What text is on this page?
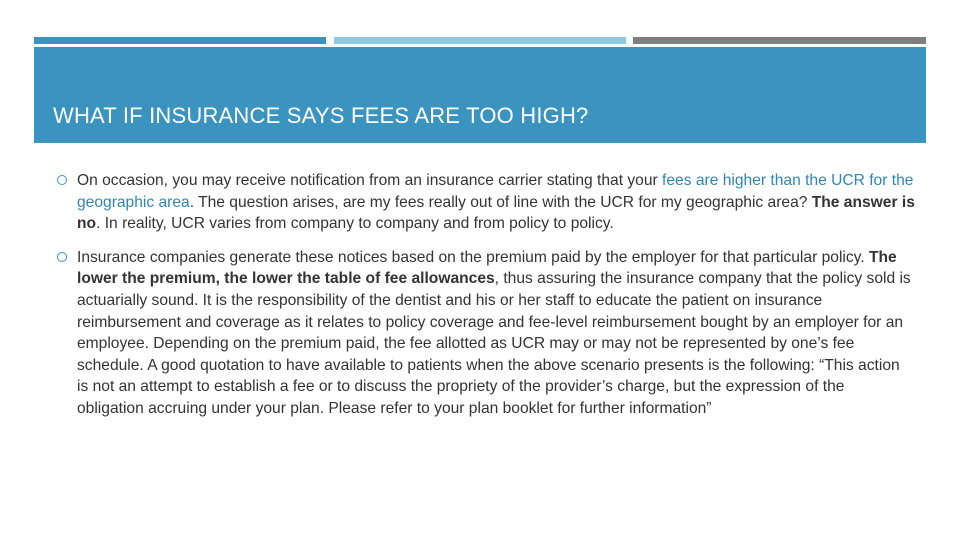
WHAT IF INSURANCE SAYS FEES ARE TOO HIGH?

On occasion, you may receive notification from an insurance carrier stating that your fees are higher than the UCR for the geographic area. The question arises, are my fees really out of line with the UCR for my geographic area? The answer is no. In reality, UCR varies from company to company and from policy to policy.

Insurance companies generate these notices based on the premium paid by the employer for that particular policy. The lower the premium, the lower the table of fee allowances, thus assuring the insurance company that the policy sold is actuarially sound. It is the responsibility of the dentist and his or her staff to educate the patient on insurance reimbursement and coverage as it relates to policy coverage and fee-level reimbursement bought by an employer for an employee. Depending on the premium paid, the fee allotted as UCR may or may not be represented by one’s fee schedule. A good quotation to have available to patients when the above scenario presents is the following: “This action is not an attempt to establish a fee or to discuss the propriety of the provider’s charge, but the expression of the obligation accruing under your plan. Please refer to your plan booklet for further information”
